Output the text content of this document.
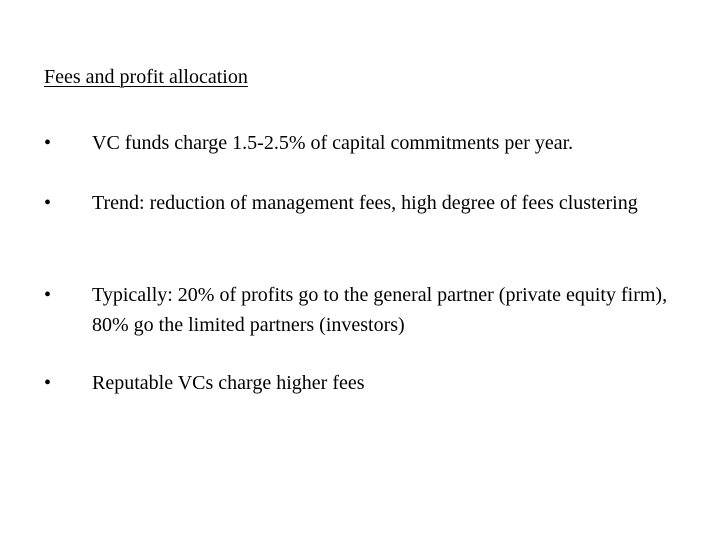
Fees and profit allocation
• VC funds charge 1.5-2.5% of capital commitments per year.
• Trend: reduction of management fees, high degree of fees clustering
• Typically: 20% of profits go to the general partner (private equity firm), 80% go the limited partners (investors)
• Reputable VCs charge higher fees
